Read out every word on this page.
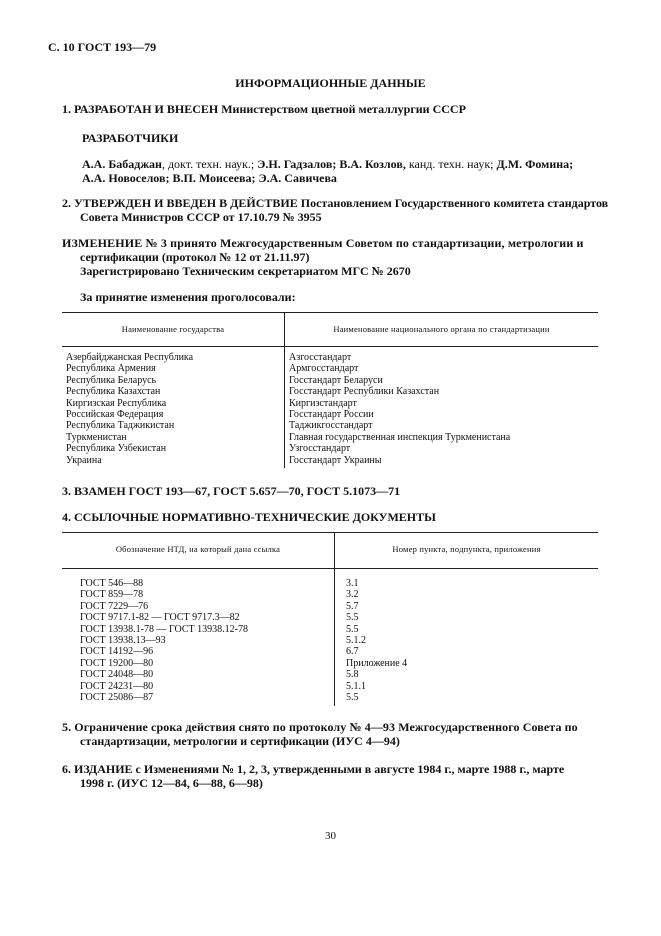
С. 10 ГОСТ 193—79

ИНФОРМАЦИОННЫЕ ДАННЫЕ

1. РАЗРАБОТАН И ВНЕСЕН Министерством цветной металлургии СССР

РАЗРАБОТЧИКИ

А.А. Бабаджан, докт. техн. наук.; Э.Н. Гадзалов; В.А. Козлов, канд. техн. наук; Д.М. Фомина;

А.А. Новоселов; В.П. Моисеева; Э.А. Савичева

2. УТВЕРЖДЕН И ВВЕДЕН В ДЕЙСТВИЕ Постановлением Государственного комитета стандартов

Совета Министров СССР от 17.10.79 № 3955

ИЗМЕНЕНИЕ № 3 принято Межгосударственным Советом по стандартизации, метрологии и

сертификации (протокол № 12 от 21.11.97)

Зарегистрировано Техническим секретариатом МГС № 2670

За принятие изменения проголосовали:

Наименование государства	Наименование национального органа по стандартизации

Азербайджанская Республика
Республика Армения
Республика Беларусь
Республика Казахстан
Киргизская Республика
Российская Федерация
Республика Таджикистан
Туркменистан
Республика Узбекистан
Украина
Азгосстандарт
Армгосстандарт
Госстандарт Беларуси
Госстандарт Республики Казахстан
Киргизстандарт
Госстандарт России
Таджикгосстандарт
Главная государственная инспекция Туркменистана
Узгосстандарт
Госстандарт Украины

3. ВЗАМЕН ГОСТ 193—67, ГОСТ 5.657—70, ГОСТ 5.1073—71

4. ССЫЛОЧНЫЕ НОРМАТИВНО-ТЕХНИЧЕСКИЕ ДОКУМЕНТЫ

Обозначение НТД, на который дана ссылка	Номер пункта, подпункта, приложения

ГОСТ 546—88
ГОСТ 859—78
ГОСТ 7229—76
ГОСТ 9717.1-82 — ГОСТ 9717.3—82
ГОСТ 13938.1-78 — ГОСТ 13938.12-78
ГОСТ 13938.13—93
ГОСТ 14192—96
ГОСТ 19200—80
ГОСТ 24048—80
ГОСТ 24231—80
ГОСТ 25086—87
3.1
3.2
5.7
5.5
5.5
5.1.2
6.7
Приложение 4
5.8
5.1.1
5.5

5. Ограничение срока действия снято по протоколу № 4—93 Межгосударственного Совета по

стандартизации, метрологии и сертификации (ИУС 4—94)

6. ИЗДАНИЕ с Изменениями № 1, 2, 3, утвержденными в августе 1984 г., марте 1988 г., марте

1998 г. (ИУС 12—84, 6—88, 6—98)

30
